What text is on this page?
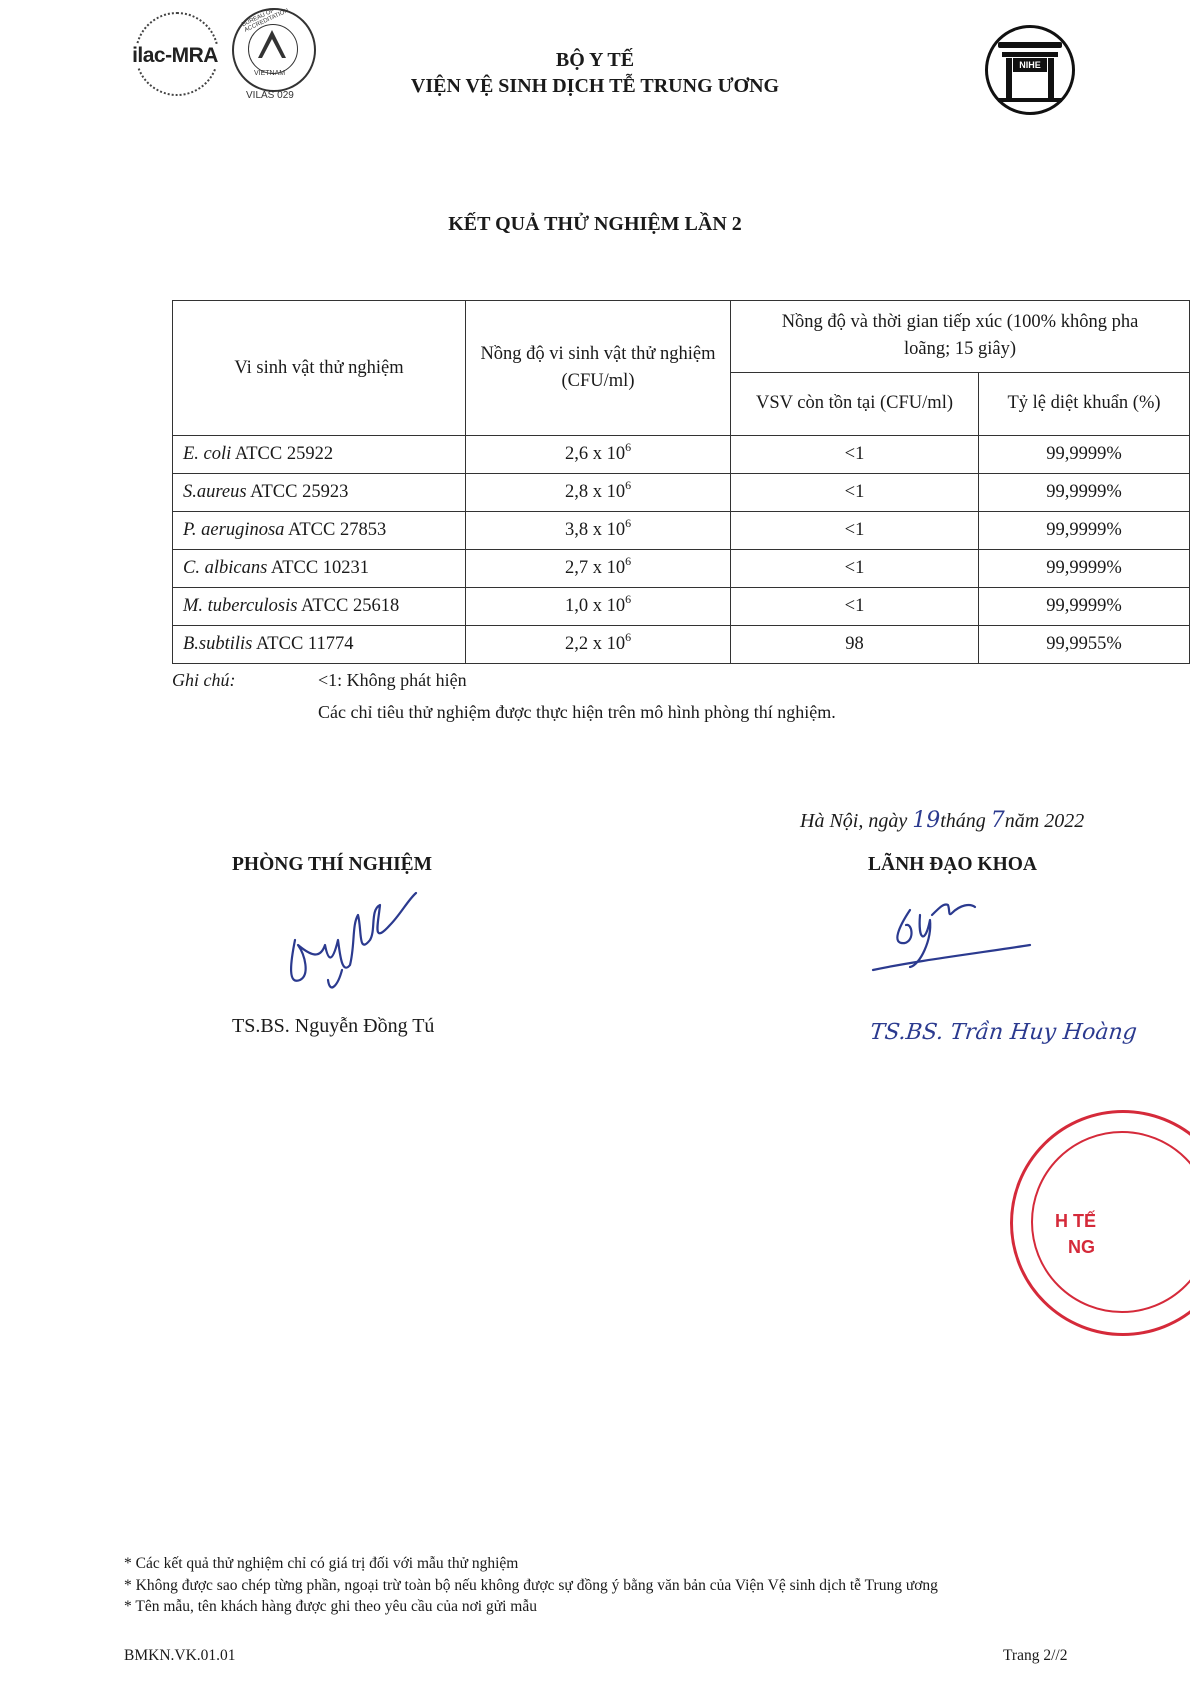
ilac-MRA
BUREAU OF ACCREDITATION
VIETNAM
VILAS 029
BỘ Y TẾ
VIỆN VỆ SINH DỊCH TỄ TRUNG ƯƠNG
NIHE
KẾT QUẢ THỬ NGHIỆM LẦN 2
Vi sinh vật thử nghiệm	Nồng độ vi sinh vật thử nghiệm (CFU/ml)	Nồng độ và thời gian tiếp xúc (100% không pha loãng; 15 giây)	
		VSV còn tồn tại (CFU/ml)	Tỷ lệ diệt khuẩn (%)
E. coli ATCC 25922	2,6 x $10^6$	<1	99,9999%
S.aureus ATCC 25923	2,8 x $10^6$	<1	99,9999%
P. aeruginosa ATCC 27853	3,8 x $10^6$	<1	99,9999%
C. albicans ATCC 10231	2,7 x $10^6$	<1	99,9999%
M. tuberculosis ATCC 25618	1,0 x $10^6$	<1	99,9999%
B.subtilis ATCC 11774	2,2 x $10^6$	98	99,9955%
Ghi chú:	<1: Không phát hiện
Các chỉ tiêu thử nghiệm được thực hiện trên mô hình phòng thí nghiệm.
Hà Nội, ngày 19tháng 7năm 2022
PHÒNG THÍ NGHIỆM	LÃNH ĐẠO KHOA
TS.BS. Nguyễn Đồng Tú	TS.BS. Trần Huy Hoàng
H TẾ
NG
* Các kết quả thử nghiệm chỉ có giá trị đối với mẫu thử nghiệm
* Không được sao chép từng phần, ngoại trừ toàn bộ nếu không được sự đồng ý bằng văn bản của Viện Vệ sinh dịch tễ Trung ương
* Tên mẫu, tên khách hàng được ghi theo yêu cầu của nơi gửi mẫu
BMKN.VK.01.01	Trang 2//2
